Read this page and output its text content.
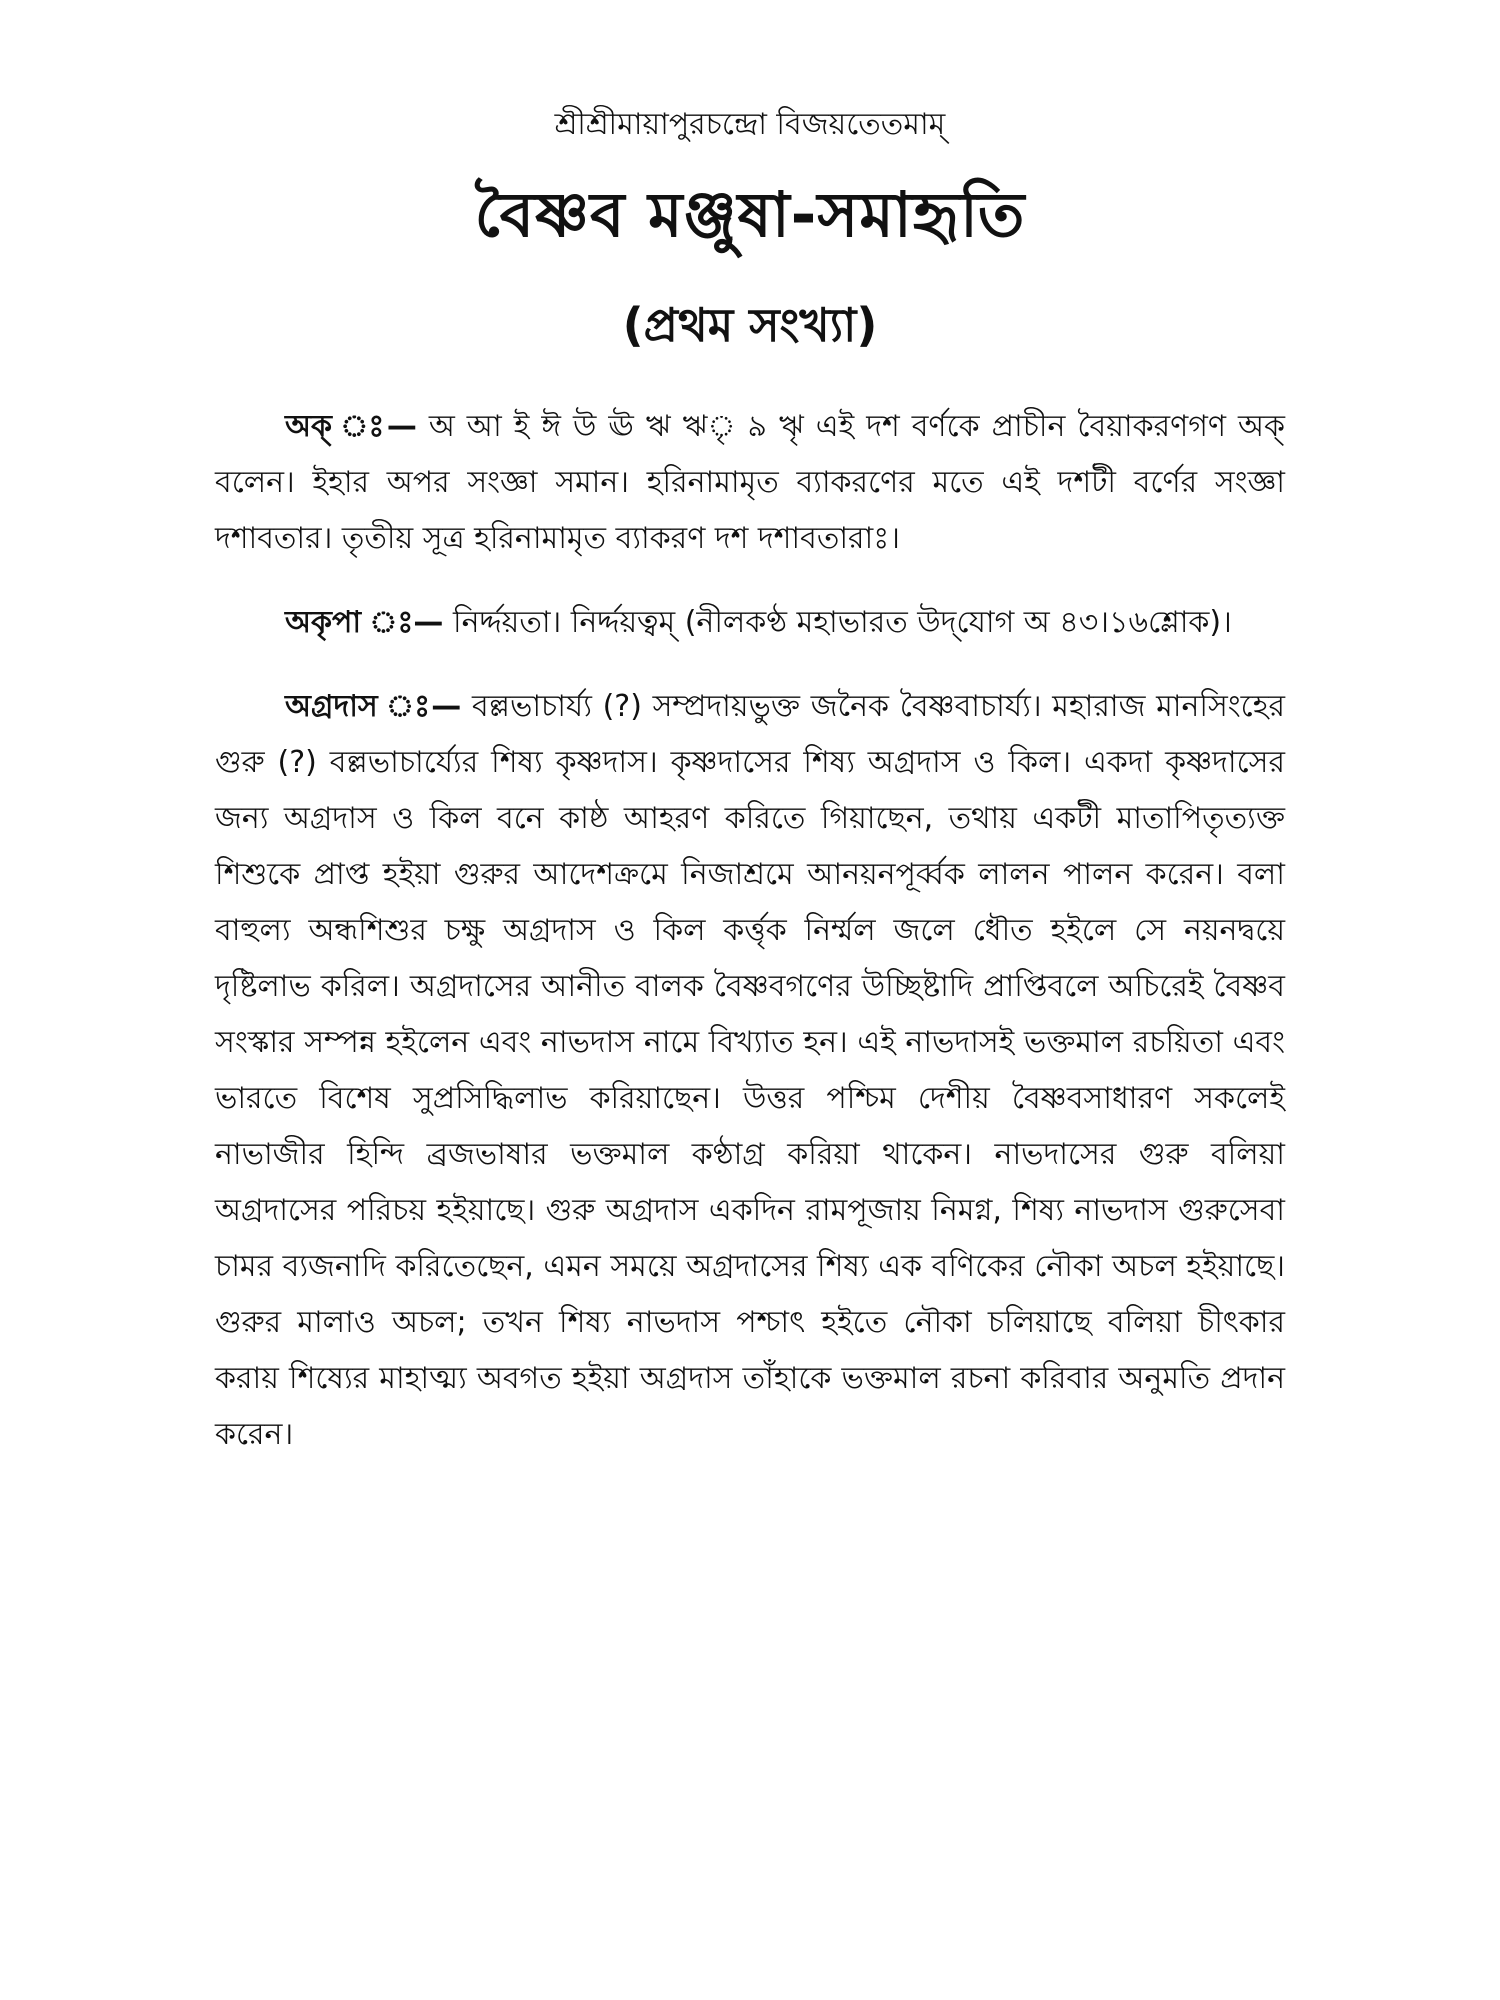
শ্রীশ্রীমায়াপুরচন্দ্রো বিজয়তেতমাম্
বৈষ্ণব মঞ্জুষা-সমাহৃতি
(প্রথম সংখ্যা)

অক্ ঃ— অ আ ই ঈ উ ঊ ঋ ঋৃ ৯ ৠ এই দশ বর্ণকে প্রাচীন বৈয়াকরণগণ অক্ বলেন। ইহার অপর সংজ্ঞা সমান। হরিনামামৃত ব্যাকরণের মতে এই দশটী বর্ণের সংজ্ঞা দশাবতার। তৃতীয় সূত্র হরিনামামৃত ব্যাকরণ দশ দশাবতারাঃ।

অকৃপা ঃ— নির্দ্দয়তা। নির্দ্দয়ত্বম্ (নীলকণ্ঠ মহাভারত উদ্‌যোগ অ ৪৩।১৬শ্লোক)।

অগ্রদাস ঃ— বল্লভাচার্য্য (?) সম্প্রদায়ভুক্ত জনৈক বৈষ্ণবাচার্য্য। মহারাজ মানসিংহের গুরু (?) বল্লভাচার্য্যের শিষ্য কৃষ্ণদাস। কৃষ্ণদাসের শিষ্য অগ্রদাস ও কিল। একদা কৃষ্ণদাসের জন্য অগ্রদাস ও কিল বনে কাষ্ঠ আহরণ করিতে গিয়াছেন, তথায় একটী মাতাপিতৃত্যক্ত শিশুকে প্রাপ্ত হইয়া গুরুর আদেশক্রমে নিজাশ্রমে আনয়নপূর্ব্বক লালন পালন করেন। বলা বাহুল্য অন্ধশিশুর চক্ষু অগ্রদাস ও কিল কর্ত্তৃক নির্ম্মল জলে ধৌত হইলে সে নয়নদ্বয়ে দৃষ্টিলাভ করিল। অগ্রদাসের আনীত বালক বৈষ্ণবগণের উচ্ছিষ্টাদি প্রাপ্তিবলে অচিরেই বৈষ্ণব সংস্কার সম্পন্ন হইলেন এবং নাভদাস নামে বিখ্যাত হন। এই নাভদাসই ভক্তমাল রচয়িতা এবং ভারতে বিশেষ সুপ্রসিদ্ধিলাভ করিয়াছেন। উত্তর পশ্চিম দেশীয় বৈষ্ণবসাধারণ সকলেই নাভাজীর হিন্দি ব্রজভাষার ভক্তমাল কণ্ঠাগ্র করিয়া থাকেন। নাভদাসের গুরু বলিয়া অগ্রদাসের পরিচয় হইয়াছে। গুরু অগ্রদাস একদিন রামপূজায় নিমগ্ন, শিষ্য নাভদাস গুরুসেবা চামর ব্যজনাদি করিতেছেন, এমন সময়ে অগ্রদাসের শিষ্য এক বণিকের নৌকা অচল হইয়াছে। গুরুর মালাও অচল; তখন শিষ্য নাভদাস পশ্চাৎ হইতে নৌকা চলিয়াছে বলিয়া চীৎকার করায় শিষ্যের মাহাত্ম্য অবগত হইয়া অগ্রদাস তাঁহাকে ভক্তমাল রচনা করিবার অনুমতি প্রদান করেন।
